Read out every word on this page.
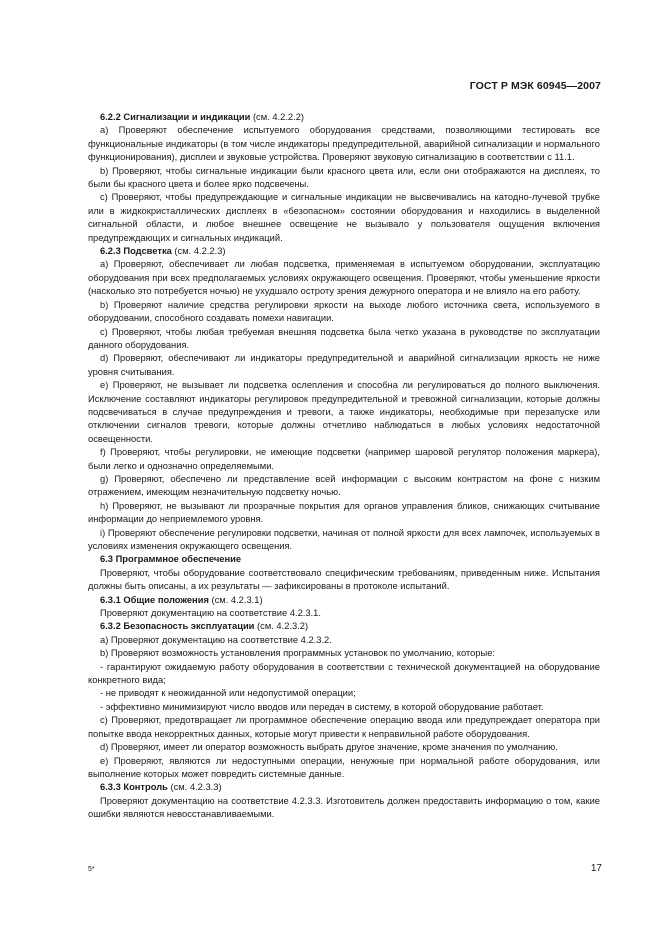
ГОСТ Р МЭК 60945—2007

6.2.2 Сигнализации и индикации (см. 4.2.2.2)

a) Проверяют обеспечение испытуемого оборудования средствами, позволяющими тестировать все функциональные индикаторы (в том числе индикаторы предупредительной, аварийной сигнализации и нормального функционирования), дисплеи и звуковые устройства. Проверяют звуковую сигнализацию в соответствии с 11.1.

b) Проверяют, чтобы сигнальные индикации были красного цвета или, если они отображаются на дисплеях, то были бы красного цвета и более ярко подсвечены.

c) Проверяют, чтобы предупреждающие и сигнальные индикации не высвечивались на катодно-лучевой трубке или в жидкокристаллических дисплеях в «безопасном» состоянии оборудования и находились в выделенной сигнальной области, и любое внешнее освещение не вызывало у пользователя ощущения включения предупреждающих и сигнальных индикаций.

6.2.3 Подсветка (см. 4.2.2.3)

a) Проверяют, обеспечивает ли любая подсветка, применяемая в испытуемом оборудовании, эксплуатацию оборудования при всех предполагаемых условиях окружающего освещения. Проверяют, чтобы уменьшение яркости (насколько это потребуется ночью) не ухудшало остроту зрения дежурного оператора и не влияло на его работу.

b) Проверяют наличие средства регулировки яркости на выходе любого источника света, используемого в оборудовании, способного создавать помехи навигации.

c) Проверяют, чтобы любая требуемая внешняя подсветка была четко указана в руководстве по эксплуатации данного оборудования.

d) Проверяют, обеспечивают ли индикаторы предупредительной и аварийной сигнализации яркость не ниже уровня считывания.

e) Проверяют, не вызывает ли подсветка ослепления и способна ли регулироваться до полного выключения. Исключение составляют индикаторы регулировок предупредительной и тревожной сигнализации, которые должны подсвечиваться в случае предупреждения и тревоги, а также индикаторы, необходимые при перезапуске или отключении сигналов тревоги, которые должны отчетливо наблюдаться в любых условиях недостаточной освещенности.

f) Проверяют, чтобы регулировки, не имеющие подсветки (например шаровой регулятор положения маркера), были легко и однозначно определяемыми.

g) Проверяют, обеспечено ли представление всей информации с высоким контрастом на фоне с низким отражением, имеющим незначительную подсветку ночью.

h) Проверяют, не вызывают ли прозрачные покрытия для органов управления бликов, снижающих считывание информации до неприемлемого уровня.

i) Проверяют обеспечение регулировки подсветки, начиная от полной яркости для всех лампочек, используемых в условиях изменения окружающего освещения.

6.3 Программное обеспечение

Проверяют, чтобы оборудование соответствовало специфическим требованиям, приведенным ниже. Испытания должны быть описаны, а их результаты — зафиксированы в протоколе испытаний.

6.3.1 Общие положения (см. 4.2.3.1)

Проверяют документацию на соответствие 4.2.3.1.

6.3.2 Безопасность эксплуатации (см. 4.2.3.2)

a) Проверяют документацию на соответствие 4.2.3.2.

b) Проверяют возможность установления программных установок по умолчанию, которые:

- гарантируют ожидаемую работу оборудования в соответствии с технической документацией на оборудование конкретного вида;

- не приводят к неожиданной или недопустимой операции;

- эффективно минимизируют число вводов или передач в систему, в которой оборудование работает.

c) Проверяют, предотвращает ли программное обеспечение операцию ввода или предупреждает оператора при попытке ввода некорректных данных, которые могут привести к неправильной работе оборудования.

d) Проверяют, имеет ли оператор возможность выбрать другое значение, кроме значения по умолчанию.

e) Проверяют, являются ли недоступными операции, ненужные при нормальной работе оборудования, или выполнение которых может повредить системные данные.

6.3.3 Контроль (см. 4.2.3.3)

Проверяют документацию на соответствие 4.2.3.3. Изготовитель должен предоставить информацию о том, какие ошибки являются невосстанавливаемыми.

5*	17
